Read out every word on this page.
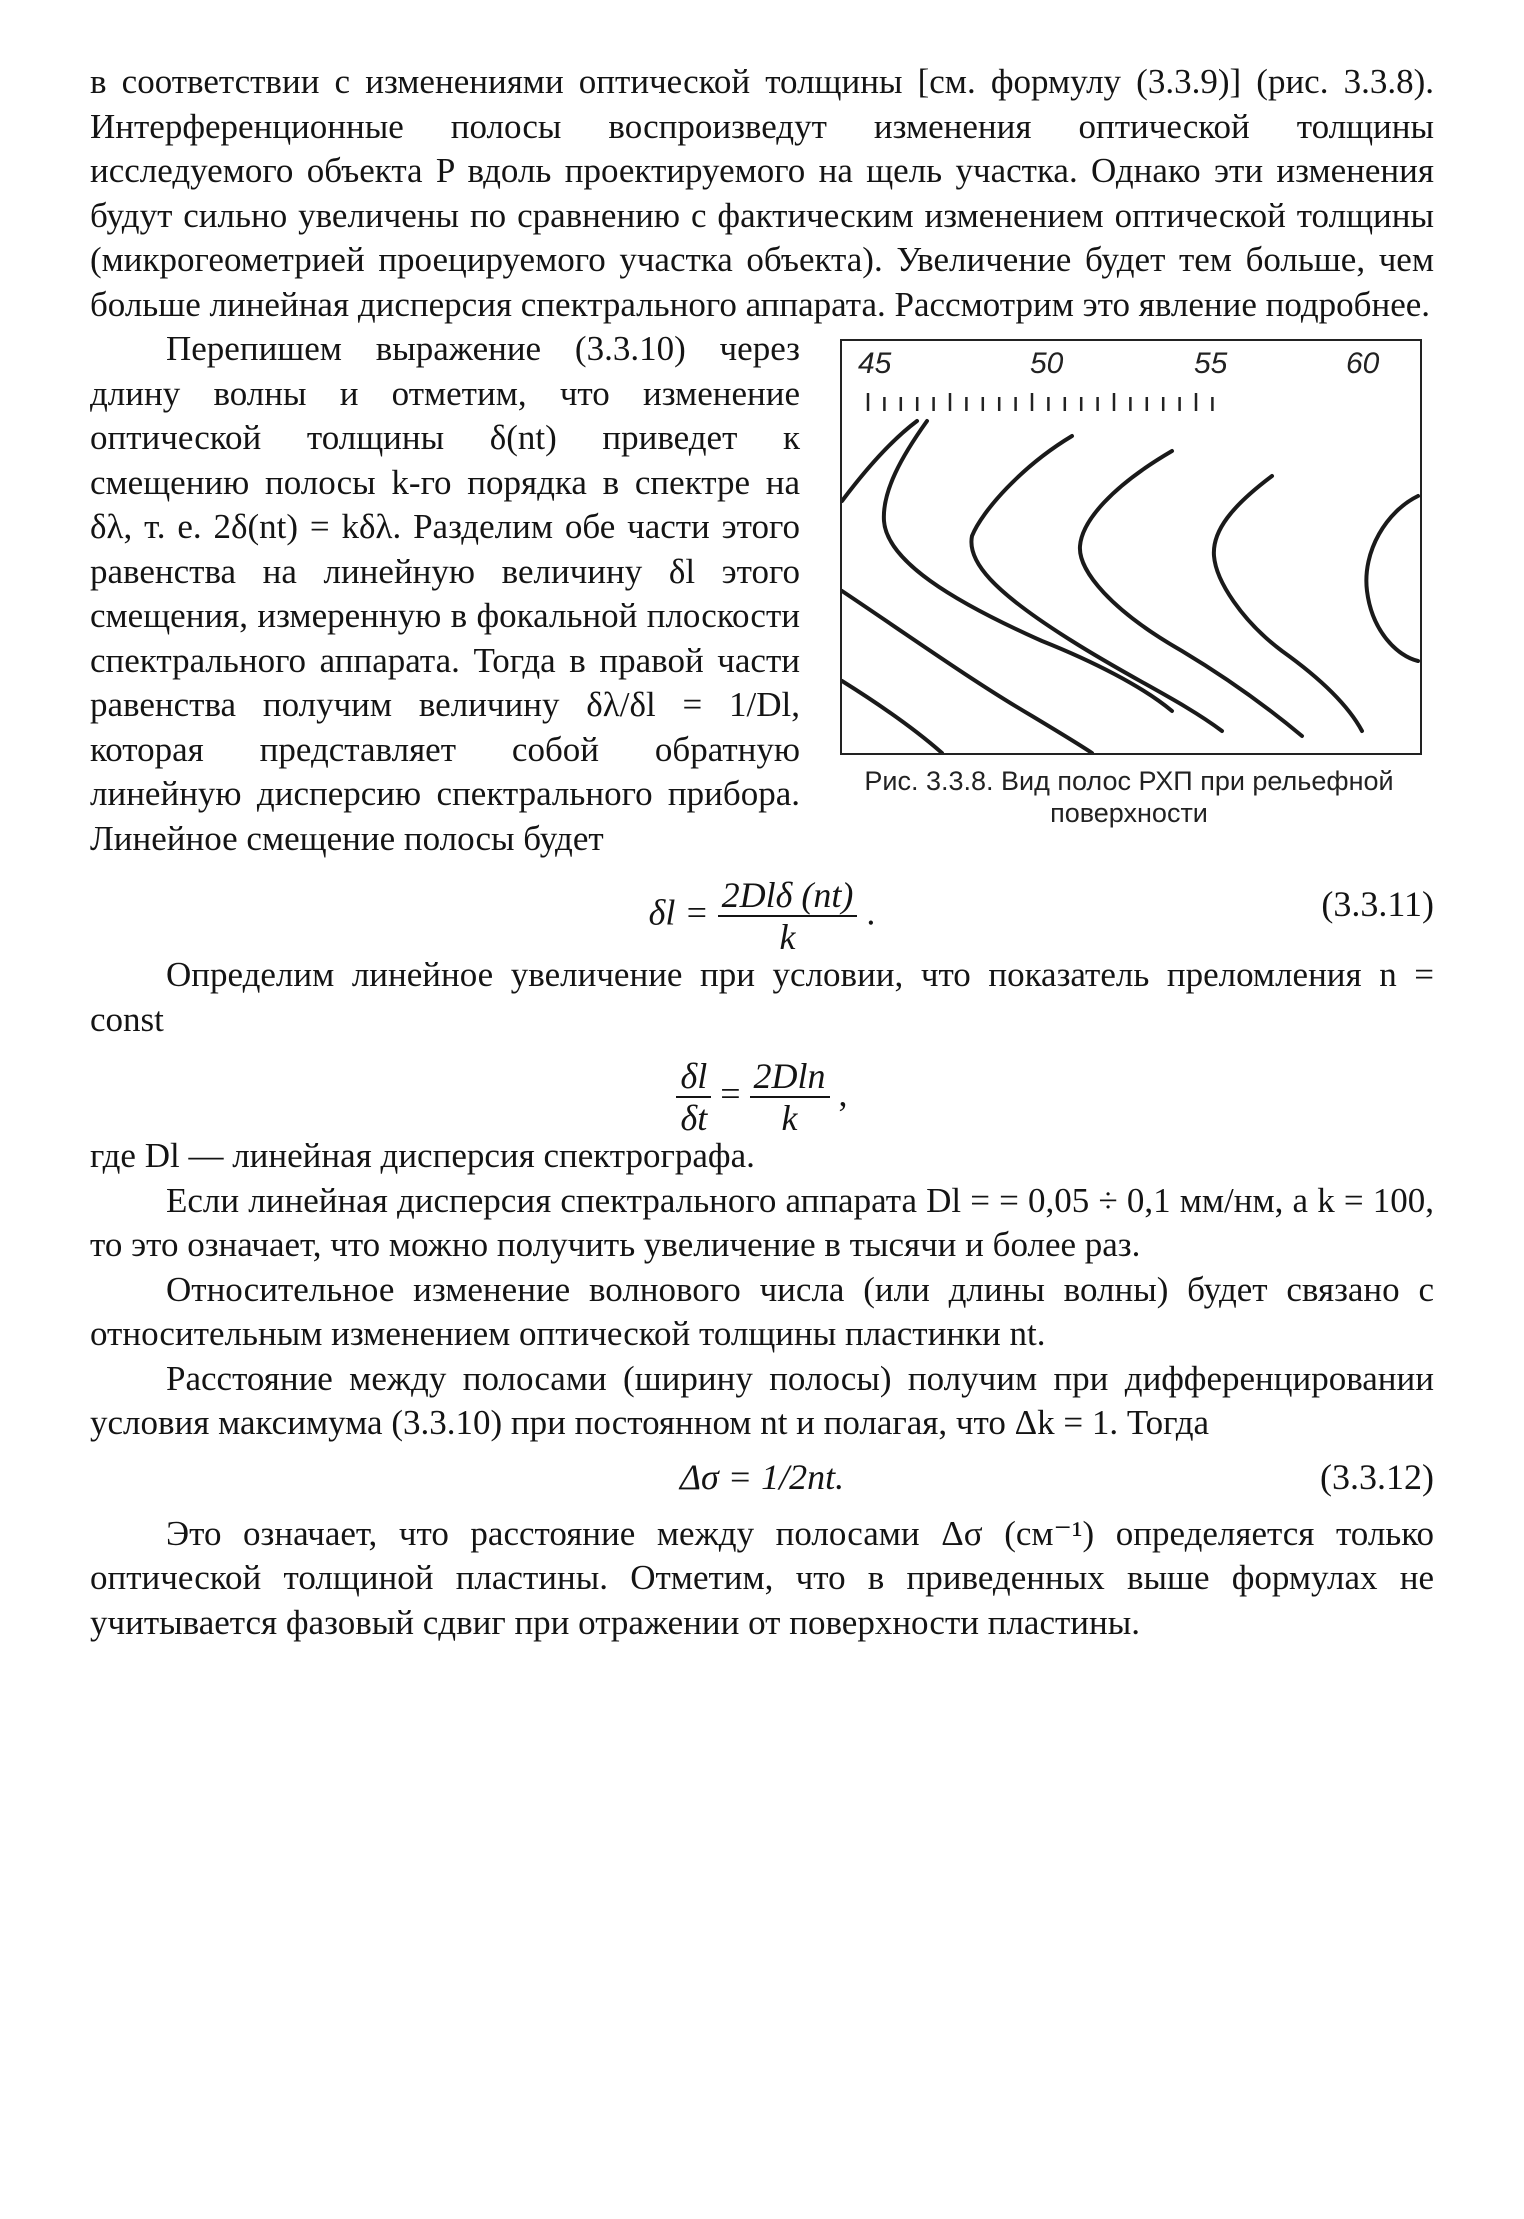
в соответствии с изменениями оптической толщины [см. формулу (3.3.9)] (рис. 3.3.8). Интерференционные полосы воспроизведут изменения оптической толщины исследуемого объекта P вдоль проектируемого на щель участка. Однако эти изменения будут сильно увеличены по сравнению с фактическим изменением оптической толщины (микрогеометрией проецируемого участка объекта). Увеличение будет тем больше, чем больше линейная дисперсия спектрального аппарата. Рассмотрим это явление подробнее.

45	50	55	60
Рис. 3.3.8. Вид полос РХП при рельефной поверхности

Перепишем выражение (3.3.10) через длину волны и отметим, что изменение оптической толщины δ(nt) приведет к смещению полосы k-го порядка в спектре на δλ, т. е. 2δ(nt) = kδλ. Разделим обе части этого равенства на линейную величину δl этого смещения, измеренную в фокальной плоскости спектрального аппарата. Тогда в правой части равенства получим величину δλ/δl = 1/Dl, которая представляет собой обратную линейную дисперсию спектрального прибора. Линейное смещение полосы будет

$\delta l = \frac{\text{2Dlδ (nt)}}{k}$ .	(3.3.11)

Определим линейное увеличение при условии, что показатель преломления n = const

$\frac{\delta l}{\delta t} = \frac{2Dln}{k}$ ,

где Dl — линейная дисперсия спектрографа.

Если линейная дисперсия спектрального аппарата Dl = = 0,05 ÷ 0,1 мм/нм, а k = 100, то это означает, что можно получить увеличение в тысячи и более раз.

Относительное изменение волнового числа (или длины волны) будет связано с относительным изменением оптической толщины пластинки nt.

Расстояние между полосами (ширину полосы) получим при дифференцировании условия максимума (3.3.10) при постоянном nt и полагая, что Δk = 1. Тогда

Δσ = 1/2nt.	(3.3.12)

Это означает, что расстояние между полосами Δσ (см⁻¹) определяется только оптической толщиной пластины. Отметим, что в приведенных выше формулах не учитывается фазовый сдвиг при отражении от поверхности пластины.
